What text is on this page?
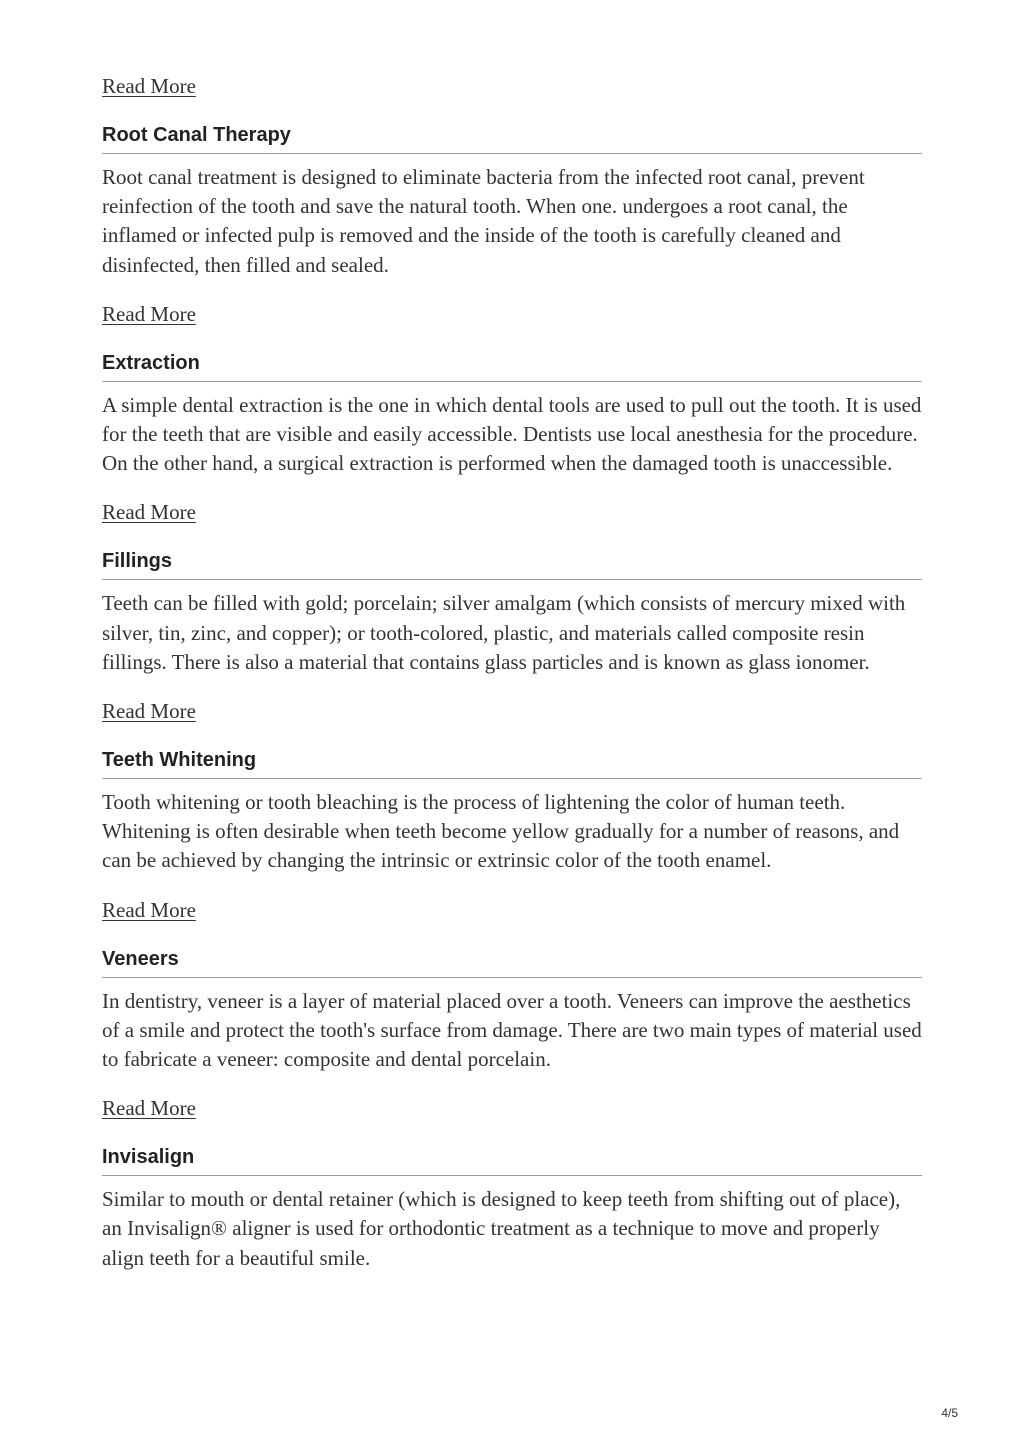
Read More
Root Canal Therapy

Root canal treatment is designed to eliminate bacteria from the infected root canal, prevent reinfection of the tooth and save the natural tooth. When one. undergoes a root canal, the inflamed or infected pulp is removed and the inside of the tooth is carefully cleaned and disinfected, then filled and sealed.

Read More
Extraction

A simple dental extraction is the one in which dental tools are used to pull out the tooth. It is used for the teeth that are visible and easily accessible. Dentists use local anesthesia for the procedure. On the other hand, a surgical extraction is performed when the damaged tooth is unaccessible.

Read More
Fillings

Teeth can be filled with gold; porcelain; silver amalgam (which consists of mercury mixed with silver, tin, zinc, and copper); or tooth-colored, plastic, and materials called composite resin fillings. There is also a material that contains glass particles and is known as glass ionomer.

Read More
Teeth Whitening

Tooth whitening or tooth bleaching is the process of lightening the color of human teeth. Whitening is often desirable when teeth become yellow gradually for a number of reasons, and can be achieved by changing the intrinsic or extrinsic color of the tooth enamel.

Read More
Veneers

In dentistry, veneer is a layer of material placed over a tooth. Veneers can improve the aesthetics of a smile and protect the tooth's surface from damage. There are two main types of material used to fabricate a veneer: composite and dental porcelain.

Read More
Invisalign

Similar to mouth or dental retainer (which is designed to keep teeth from shifting out of place), an Invisalign® aligner is used for orthodontic treatment as a technique to move and properly align teeth for a beautiful smile.

4/5
